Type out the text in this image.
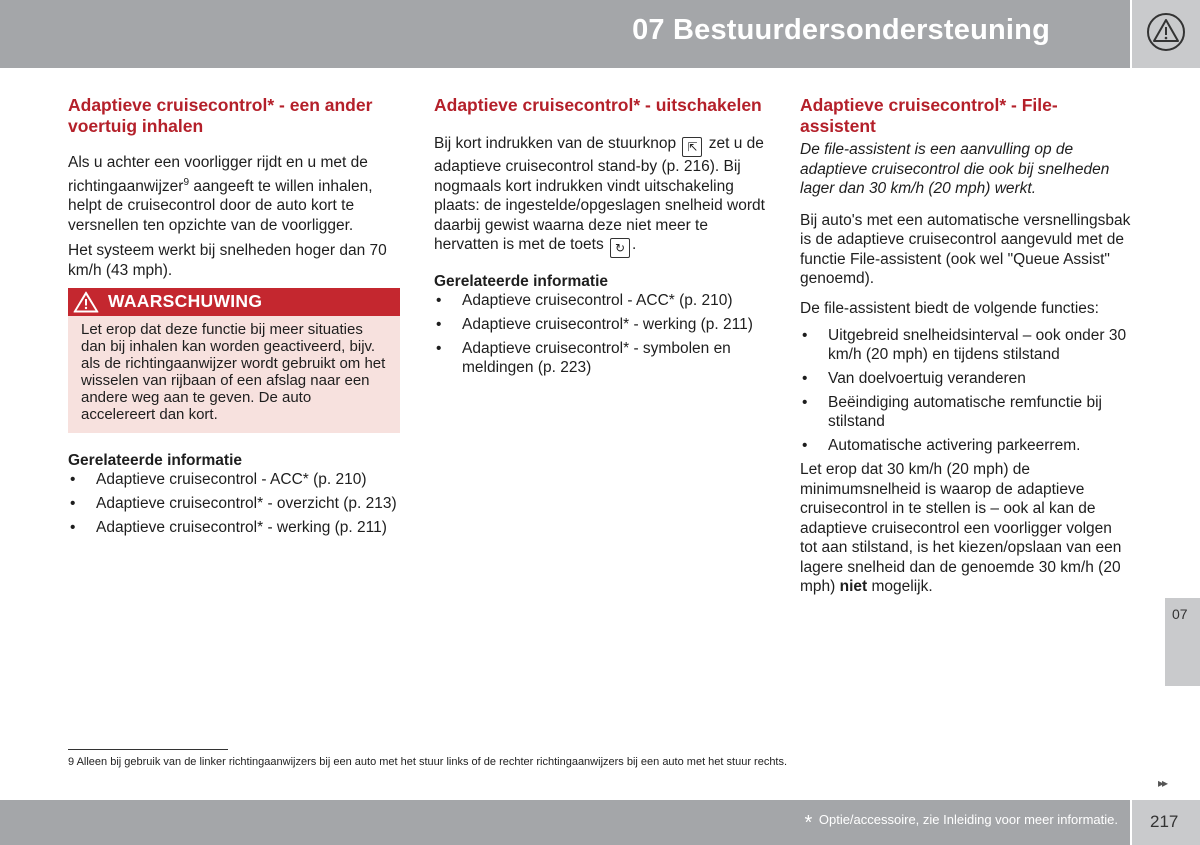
07 Bestuurdersondersteuning
Adaptieve cruisecontrol* - een ander voertuig inhalen

Als u achter een voorligger rijdt en u met de richtingaanwijzer$^9$ aangeeft te willen inhalen, helpt de cruisecontrol door de auto kort te versnellen ten opzichte van de voorligger.

Het systeem werkt bij snelheden hoger dan 70 km/h (43 mph).

WAARSCHUWING
Let erop dat deze functie bij meer situaties dan bij inhalen kan worden geactiveerd, bijv. als de richtingaanwijzer wordt gebruikt om het wisselen van rijbaan of een afslag naar een andere weg aan te geven. De auto accelereert dan kort.
Gerelateerde informatie
• Adaptieve cruisecontrol - ACC* (p. 210)
• Adaptieve cruisecontrol* - overzicht (p. 213)
• Adaptieve cruisecontrol* - werking (p. 211)
Adaptieve cruisecontrol* - uitschakelen

Bij kort indrukken van de stuurknop ⇱ zet u de adaptieve cruisecontrol stand-by (p. 216). Bij nogmaals kort indrukken vindt uitschakeling plaats: de ingestelde/opgeslagen snelheid wordt daarbij gewist waarna deze niet meer te hervatten is met de toets ↻ .

Gerelateerde informatie
• Adaptieve cruisecontrol - ACC* (p. 210)
• Adaptieve cruisecontrol* - werking (p. 211)
• Adaptieve cruisecontrol* - symbolen en meldingen (p. 223)
Adaptieve cruisecontrol* - File-assistent

De file-assistent is een aanvulling op de adaptieve cruisecontrol die ook bij snelheden lager dan 30 km/h (20 mph) werkt.

Bij auto's met een automatische versnellingsbak is de adaptieve cruisecontrol aangevuld met de functie File-assistent (ook wel "Queue Assist" genoemd).

De file-assistent biedt de volgende functies:

• Uitgebreid snelheidsinterval – ook onder 30 km/h (20 mph) en tijdens stilstand
• Van doelvoertuig veranderen
• Beëindiging automatische remfunctie bij stilstand
• Automatische activering parkeerrem.

Let erop dat 30 km/h (20 mph) de minimumsnelheid is waarop de adaptieve cruisecontrol in te stellen is – ook al kan de adaptieve cruisecontrol een voorligger volgen tot aan stilstand, is het kiezen/opslaan van een lagere snelheid dan de genoemde 30 km/h (20 mph) niet mogelijk.

07
9 Alleen bij gebruik van de linker richtingaanwijzers bij een auto met het stuur links of de rechter richtingaanwijzers bij een auto met het stuur rechts.
▸▸
* Optie/accessoire, zie Inleiding voor meer informatie. 217
